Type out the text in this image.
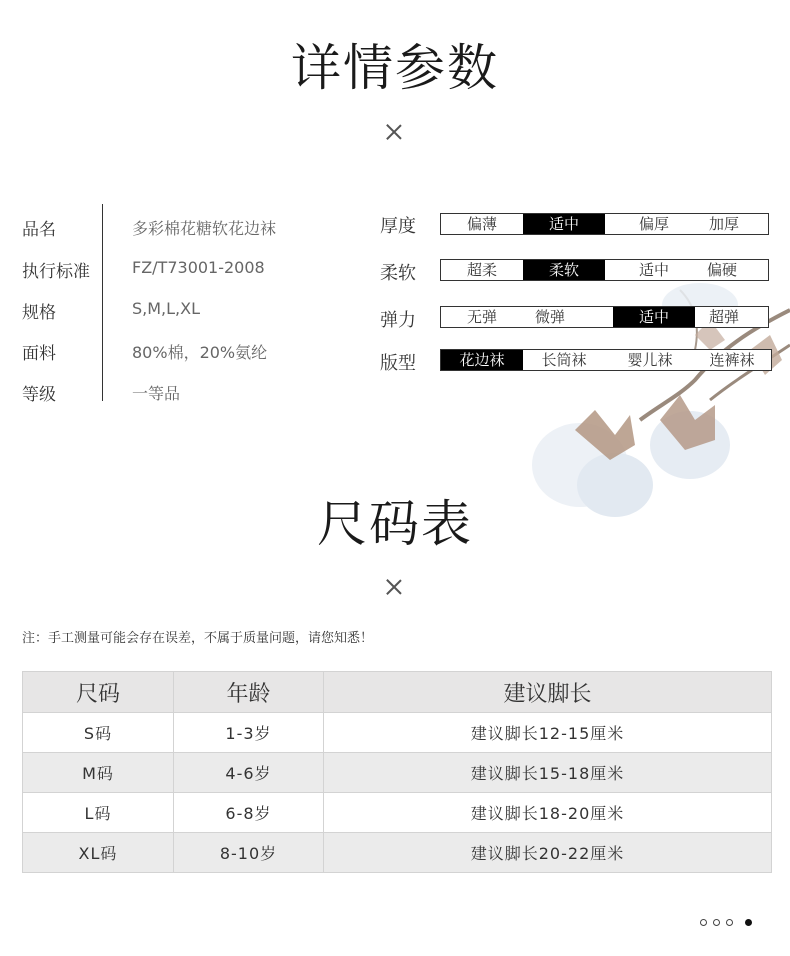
详情参数
品名	多彩棉花糖软花边袜
执行标准	FZ/T73001-2008
规格	S,M,L,XL
面料	80%棉，20%氨纶
等级	一等品
厚度	偏薄	适中	偏厚	加厚
柔软	超柔	柔软	适中	偏硬
弹力	无弹	微弹	适中	超弹
版型	花边袜	长筒袜	婴儿袜	连裤袜
尺码表
注：手工测量可能会存在误差，不属于质量问题，请您知悉！
尺码	年龄	建议脚长
S码	1-3岁	建议脚长12-15厘米
M码	4-6岁	建议脚长15-18厘米
L码	6-8岁	建议脚长18-20厘米
XL码	8-10岁	建议脚长20-22厘米
